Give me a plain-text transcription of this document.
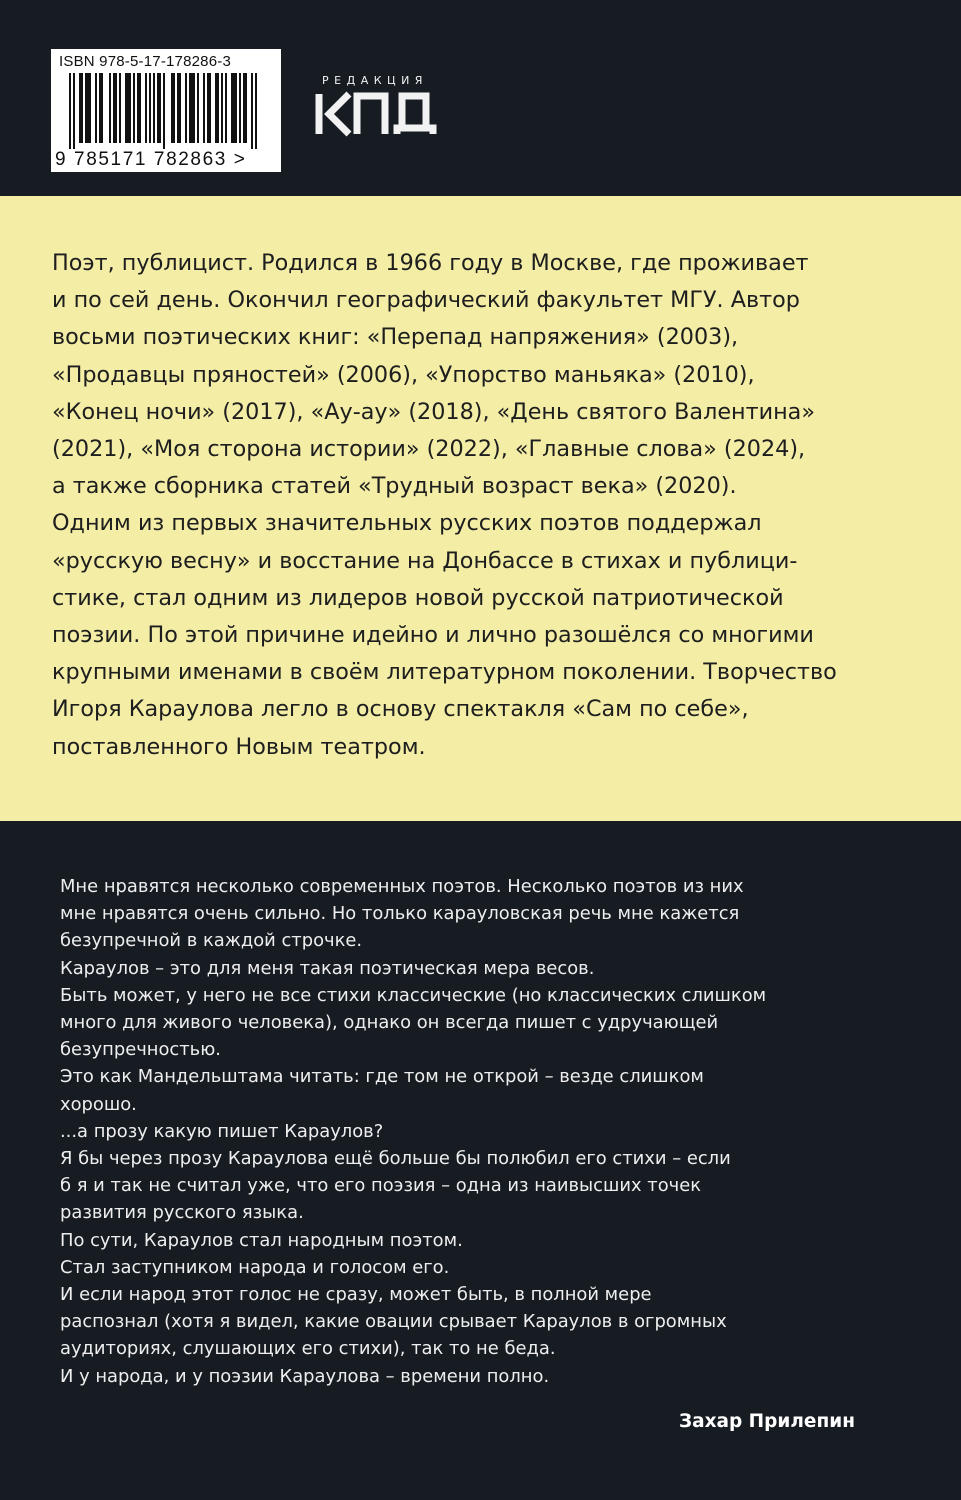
ISBN 978-5-17-178286-3
9 785171 782863 >
РЕДАКЦИЯ
Поэт, публицист. Родился в 1966 году в Москве, где проживает
и по сей день. Окончил географический факультет МГУ. Автор
восьми поэтических книг: «Перепад напряжения» (2003),
«Продавцы пряностей» (2006), «Упорство маньяка» (2010),
«Конец ночи» (2017), «Ау-ау» (2018), «День святого Валентина»
(2021), «Моя сторона истории» (2022), «Главные слова» (2024),
а также сборника статей «Трудный возраст века» (2020).
Одним из первых значительных русских поэтов поддержал
«русскую весну» и восстание на Донбассе в стихах и публици-
стике, стал одним из лидеров новой русской патриотической
поэзии. По этой причине идейно и лично разошёлся со многими
крупными именами в своём литературном поколении. Творчество
Игоря Караулова легло в основу спектакля «Сам по себе»,
поставленного Новым театром.
Мне нравятся несколько современных поэтов. Несколько поэтов из них
мне нравятся очень сильно. Но только карауловская речь мне кажется
безупречной в каждой строчке.
Караулов – это для меня такая поэтическая мера весов.
Быть может, у него не все стихи классические (но классических слишком
много для живого человека), однако он всегда пишет с удручающей
безупречностью.
Это как Мандельштама читать: где том не открой – везде слишком
хорошо.
...а прозу какую пишет Караулов?
Я бы через прозу Караулова ещё больше бы полюбил его стихи – если
б я и так не считал уже, что его поэзия – одна из наивысших точек
развития русского языка.
По сути, Караулов стал народным поэтом.
Стал заступником народа и голосом его.
И если народ этот голос не сразу, может быть, в полной мере
распознал (хотя я видел, какие овации срывает Караулов в огромных
аудиториях, слушающих его стихи), так то не беда.
И у народа, и у поэзии Караулова – времени полно.
Захар Прилепин
